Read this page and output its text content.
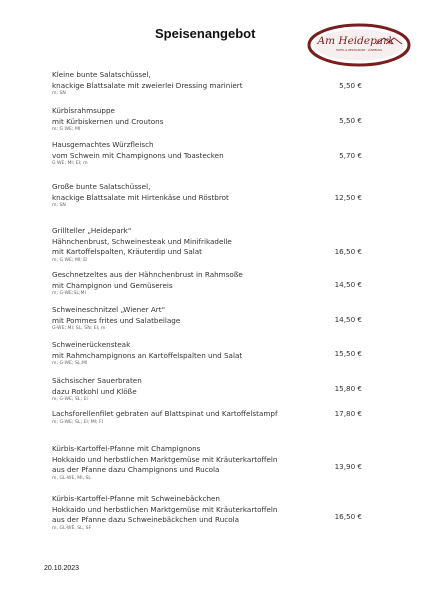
Speisenangebot	Am Heidepark
HOTEL & RESTAURANT · LÜNEBURG
Kleine bunte Salatschüssel,
knackige Blattsalate mit zweierlei Dressing mariniert
m; SN
5,50 €
Kürbisrahmsuppe
mit Kürbiskernen und Croutons
m; G WE; MI
5,50 €
Hausgemachtes Würzfleisch
vom Schwein mit Champignons und Toastecken
G WE; MI; EI; m
5,70 €
Große bunte Salatschüssel,
knackige Blattsalate mit Hirtenkäse und Röstbrot
m; SN
12,50 €
Grillteller „Heidepark“
Hähnchenbrust, Schweinesteak und Minifrikadelle
mit Kartoffelspalten, Kräuterdip und Salat
m; G WE; MI; EI
16,50 €
Geschnetzeltes aus der Hähnchenbrust in Rahmsoße
mit Champignon und Gemüsereis
m; G-WE;SL;MI
14,50 €
Schweineschnitzel „Wiener Art“
mit Pommes frites und Salatbeilage
G-WE; MI; SL; SN; EI; m
14,50 €
Schweinerückensteak
mit Rahmchampignons an Kartoffelspalten und Salat
m; G-WE; SL;MI
15,50 €
Sächsischer Sauerbraten
dazu Rotkohl und Klöße
m; G-WE; SL; EI
15,80 €
Lachsforellenfilet gebraten auf Blattspinat und Kartoffelstampf
m; G-WE; SL; EI; MI; FI
17,80 €
Kürbis-Kartoffel-Pfanne mit Champignons
Hokkaido und herbstlichen Marktgemüse mit Kräuterkartoffeln
aus der Pfanne dazu Champignons und Rucola
m, GL-WE, MI, SL
13,90 €
Kürbis-Kartoffel-Pfanne mit Schweinebäckchen
Hokkaido und herbstlichen Marktgemüse mit Kräuterkartoffeln
aus der Pfanne dazu Schweinebäckchen und Rucola
m, GL-WE, SL, SF
16,50 €
20.10.2023
